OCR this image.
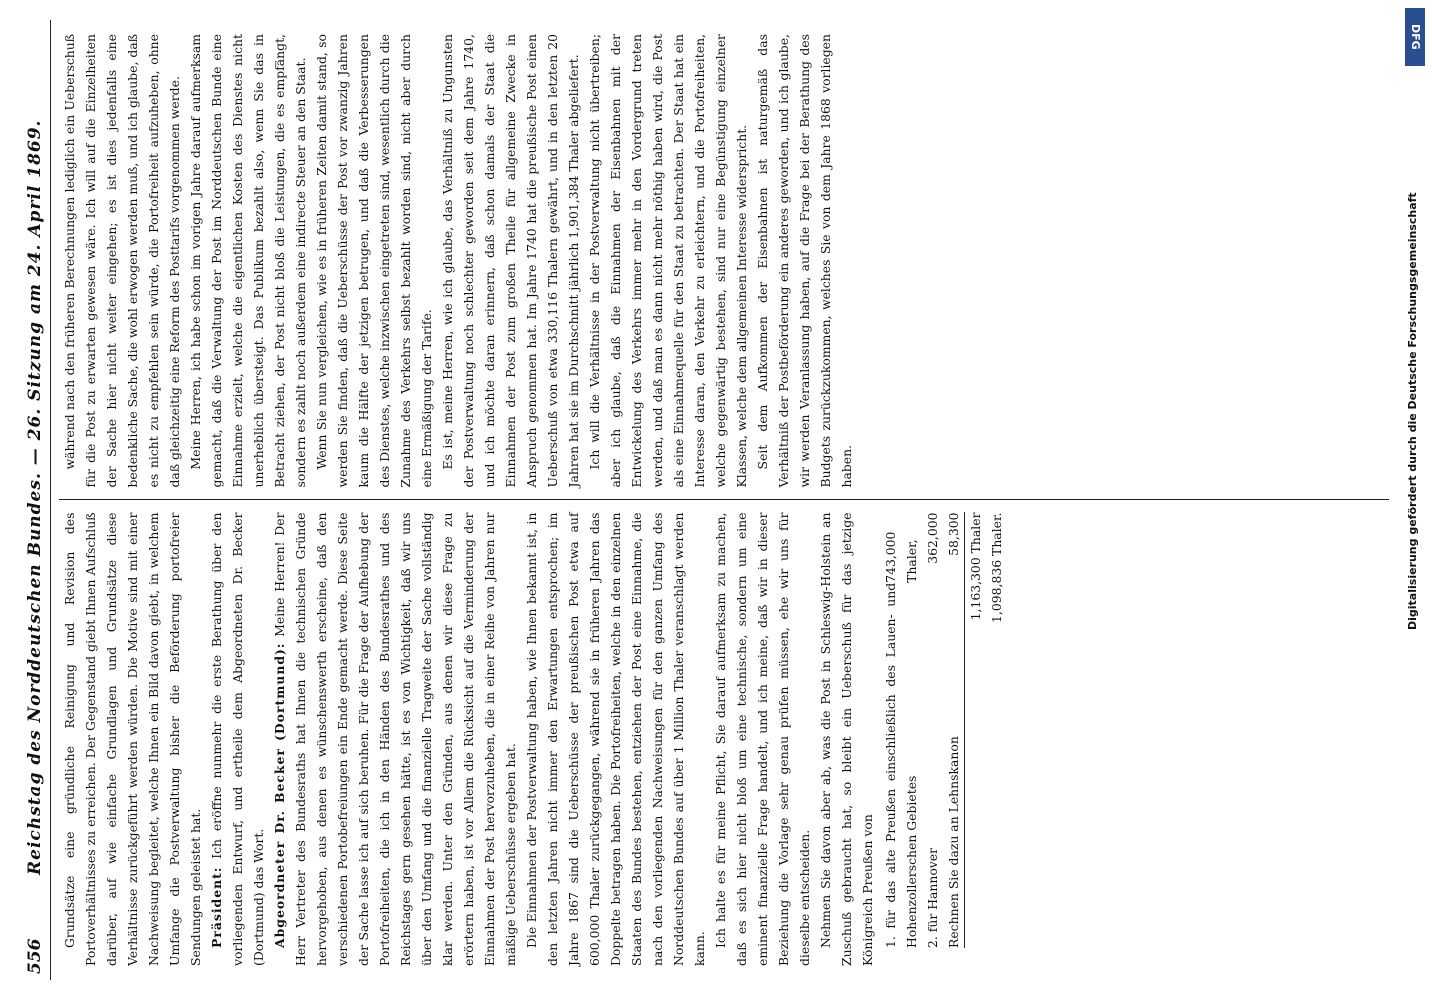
556
Reichstag des Norddeutschen Bundes. — 26. Sitzung am 24. April 1869. Grundsätze eine gründliche Reinigung und Revision des Portoverhältnisses zu erreichen. Der Gegenstand giebt Ihnen Aufschluß darüber, auf wie einfache Grundlagen und Grundsätze diese Verhältnisse zurückgeführt werden würden. Die Motive sind mit einer Nachweisung begleitet, welche Ihnen ein Bild davon giebt, in welchem Umfange die Postverwaltung bisher die Beförderung portofreier Sendungen geleistet hat. Präsident: Ich eröffne nunmehr die erste Berathung über den vorliegenden Entwurf, und ertheile dem Abgeordneten Dr. Becker (Dortmund) das Wort. Abgeordneter Dr. Becker (Dortmund): Meine Herren! Der Herr Vertreter des Bundesraths hat Ihnen die technischen Gründe hervorgehoben, aus denen es wünschenswerth erscheine, daß den verschiedenen Portobefreiungen ein Ende gemacht werde. Diese Seite der Sache lasse ich auf sich beruhen. Für die Frage der Aufhebung der Portofreiheiten, die ich in den Händen des Bundesrathes und des Reichstages gern gesehen hätte, ist es von Wichtigkeit, daß wir uns über den Umfang und die finanzielle Tragweite der Sache vollständig klar werden. Unter den Gründen, aus denen wir diese Frage zu erörtern haben, ist vor Allem die Rücksicht auf die Verminderung der Einnahmen der Post hervorzuheben, die in einer Reihe von Jahren nur mäßige Ueberschüsse ergeben hat. Die Einnahmen der Postverwaltung haben, wie Ihnen bekannt ist, in den letzten Jahren nicht immer den Erwartungen entsprochen; im Jahre 1867 sind die Ueberschüsse der preußischen Post etwa auf 600,000 Thaler zurückgegangen, während sie in früheren Jahren das Doppelte betragen haben. Die Portofreiheiten, welche in den einzelnen Staaten des Bundes bestehen, entziehen der Post eine Einnahme, die nach den vorliegenden Nachweisungen für den ganzen Umfang des Norddeutschen Bundes auf über 1 Million Thaler veranschlagt werden kann.

Ich halte es für meine Pflicht, Sie darauf aufmerksam zu machen, daß es sich hier nicht bloß um eine technische, sondern um eine eminent finanzielle Frage handelt, und ich meine, daß wir in dieser Beziehung die Vorlage sehr genau prüfen müssen, ehe wir uns für dieselbe entscheiden. Nehmen Sie davon aber ab, was die Post in Schleswig-Holstein an Zuschuß gebraucht hat, so bleibt ein Ueberschuß für das jetzige Königreich Preußen von 1. für das alte Preußen einschließlich des Lauen- und Hohenzollerschen Gebietes
743,000 Thaler,
2. für Hannover
362,000
Rechnen Sie dazu an Lehnskanon
58,300 1,163,300 Thaler 1,098,836 Thaler.

während nach den früheren Berechnungen lediglich ein Ueberschuß für die Post zu erwarten gewesen wäre. Ich will auf die Einzelheiten der Sache hier nicht weiter eingehen; es ist dies jedenfalls eine bedenkliche Sache, die wohl erwogen werden muß, und ich glaube, daß es nicht zu empfehlen sein würde, die Portofreiheit aufzuheben, ohne daß gleichzeitig eine Reform des Posttarifs vorgenommen werde. Meine Herren, ich habe schon im vorigen Jahre darauf aufmerksam gemacht, daß die Verwaltung der Post im Norddeutschen Bunde eine Einnahme erzielt, welche die eigentlichen Kosten des Dienstes nicht unerheblich übersteigt. Das Publikum bezahlt also, wenn Sie das in Betracht ziehen, der Post nicht bloß die Leistungen, die es empfängt, sondern es zahlt noch außerdem eine indirecte Steuer an den Staat. Wenn Sie nun vergleichen, wie es in früheren Zeiten damit stand, so werden Sie finden, daß die Ueberschüsse der Post vor zwanzig Jahren kaum die Hälfte der jetzigen betrugen, und daß die Verbesserungen des Dienstes, welche inzwischen eingetreten sind, wesentlich durch die Zunahme des Verkehrs selbst bezahlt worden sind, nicht aber durch eine Ermäßigung der Tarife. Es ist, meine Herren, wie ich glaube, das Verhältniß zu Ungunsten der Postverwaltung noch schlechter geworden seit dem Jahre 1740, und ich möchte daran erinnern, daß schon damals der Staat die Einnahmen der Post zum großen Theile für allgemeine Zwecke in Anspruch genommen hat. Im Jahre 1740 hat die preußische Post einen Ueberschuß von etwa 330,116 Thalern gewährt, und in den letzten 20 Jahren hat sie im Durchschnitt jährlich 1,901,384 Thaler abgeliefert. Ich will die Verhältnisse in der Postverwaltung nicht übertreiben; aber ich glaube, daß die Einnahmen der Eisenbahnen mit der Entwickelung des Verkehrs immer mehr in den Vordergrund treten werden, und daß man es dann nicht mehr nöthig haben wird, die Post als eine Einnahmequelle für den Staat zu betrachten. Der Staat hat ein Interesse daran, den Verkehr zu erleichtern, und die Portofreiheiten, welche gegenwärtig bestehen, sind nur eine Begünstigung einzelner Klassen, welche dem allgemeinen Interesse widerspricht. Seit dem Aufkommen der Eisenbahnen ist naturgemäß das Verhältniß der Postbeförderung ein anderes geworden, und ich glaube, wir werden Veranlassung haben, auf die Frage bei der Berathung des Budgets zurückzukommen, welches Sie von dem Jahre 1868 vorliegen haben.

DFG
Digitalisierung gefördert durch die Deutsche Forschungsgemeinschaft
